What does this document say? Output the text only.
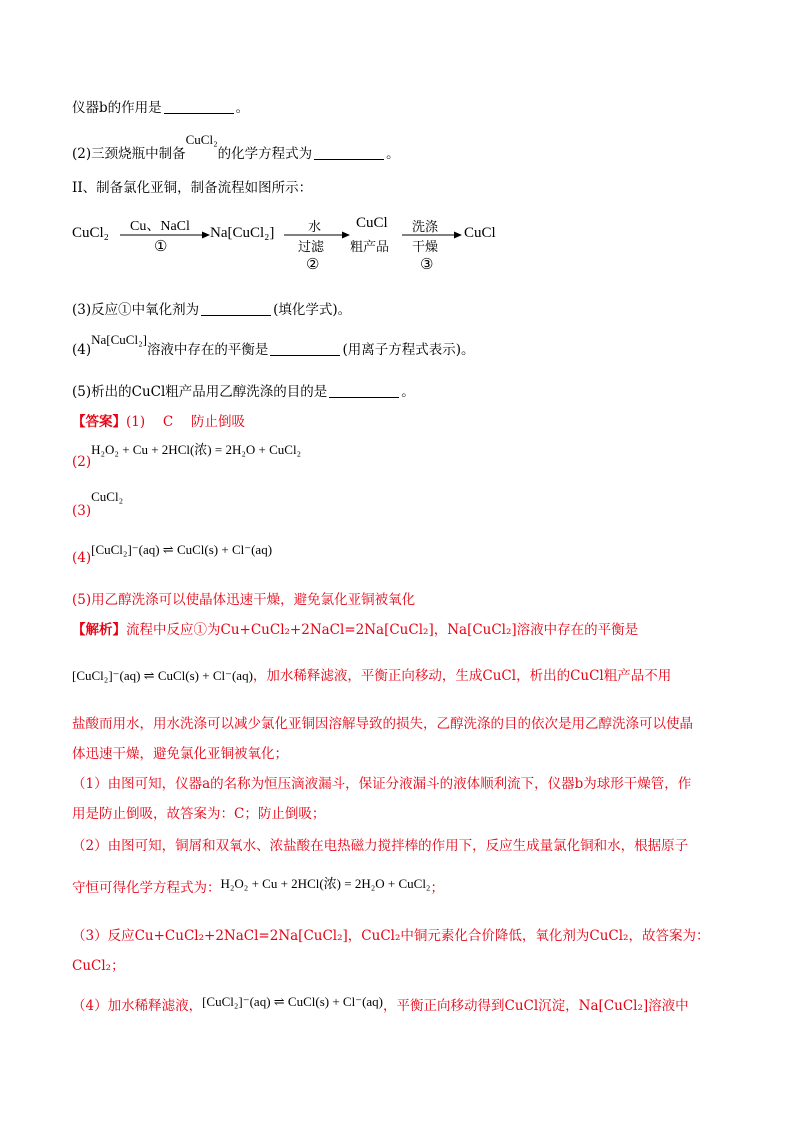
仪器b的作用是	。
(2)三颈烧瓶中制备CuCl₂的化学方程式为	。
II、制备氯化亚铜，制备流程如图所示：
CuCl₂ Cu、NaCl
①
Na[CuCl₂]	水
过滤
②
CuCl
粗产品
洗涤
干燥
③
CuCl
(3)反应①中氧化剂为	(填化学式)。
(4)Na[CuCl₂]溶液中存在的平衡是	(用离子方程式表示)。
(5)析出的CuCl粗产品用乙醇洗涤的目的是	。
【答案】(1)　 C　 防止倒吸
(2)H₂O₂ + Cu + 2HCl(浓) = 2H₂O + CuCl₂
(3)CuCl₂
(4)[CuCl₂]⁻(aq) ⇌ CuCl(s) + Cl⁻(aq)
(5)用乙醇洗涤可以使晶体迅速干燥，避免氯化亚铜被氧化
【解析】流程中反应①为Cu+CuCl₂+2NaCl=2Na[CuCl₂]，Na[CuCl₂]溶液中存在的平衡是
[CuCl₂]⁻(aq) ⇌ CuCl(s) + Cl⁻(aq)，加水稀释滤液，平衡正向移动，生成CuCl，析出的CuCl粗产品不用
盐酸而用水，用水洗涤可以减少氯化亚铜因溶解导致的损失，乙醇洗涤的目的依次是用乙醇洗涤可以使晶
体迅速干燥，避免氯化亚铜被氧化；
（1）由图可知，仪器a的名称为恒压滴液漏斗，保证分液漏斗的液体顺利流下，仪器b为球形干燥管，作
用是防止倒吸，故答案为：C；防止倒吸；
（2）由图可知，铜屑和双氧水、浓盐酸在电热磁力搅拌棒的作用下，反应生成量氯化铜和水，根据原子
守恒可得化学方程式为：H₂O₂ + Cu + 2HCl(浓) = 2H₂O + CuCl₂；
（3）反应Cu+CuCl₂+2NaCl=2Na[CuCl₂]，CuCl₂中铜元素化合价降低，氧化剂为CuCl₂，故答案为：
CuCl₂；
（4）加水稀释滤液，[CuCl₂]⁻(aq) ⇌ CuCl(s) + Cl⁻(aq)，平衡正向移动得到CuCl沉淀，Na[CuCl₂]溶液中
